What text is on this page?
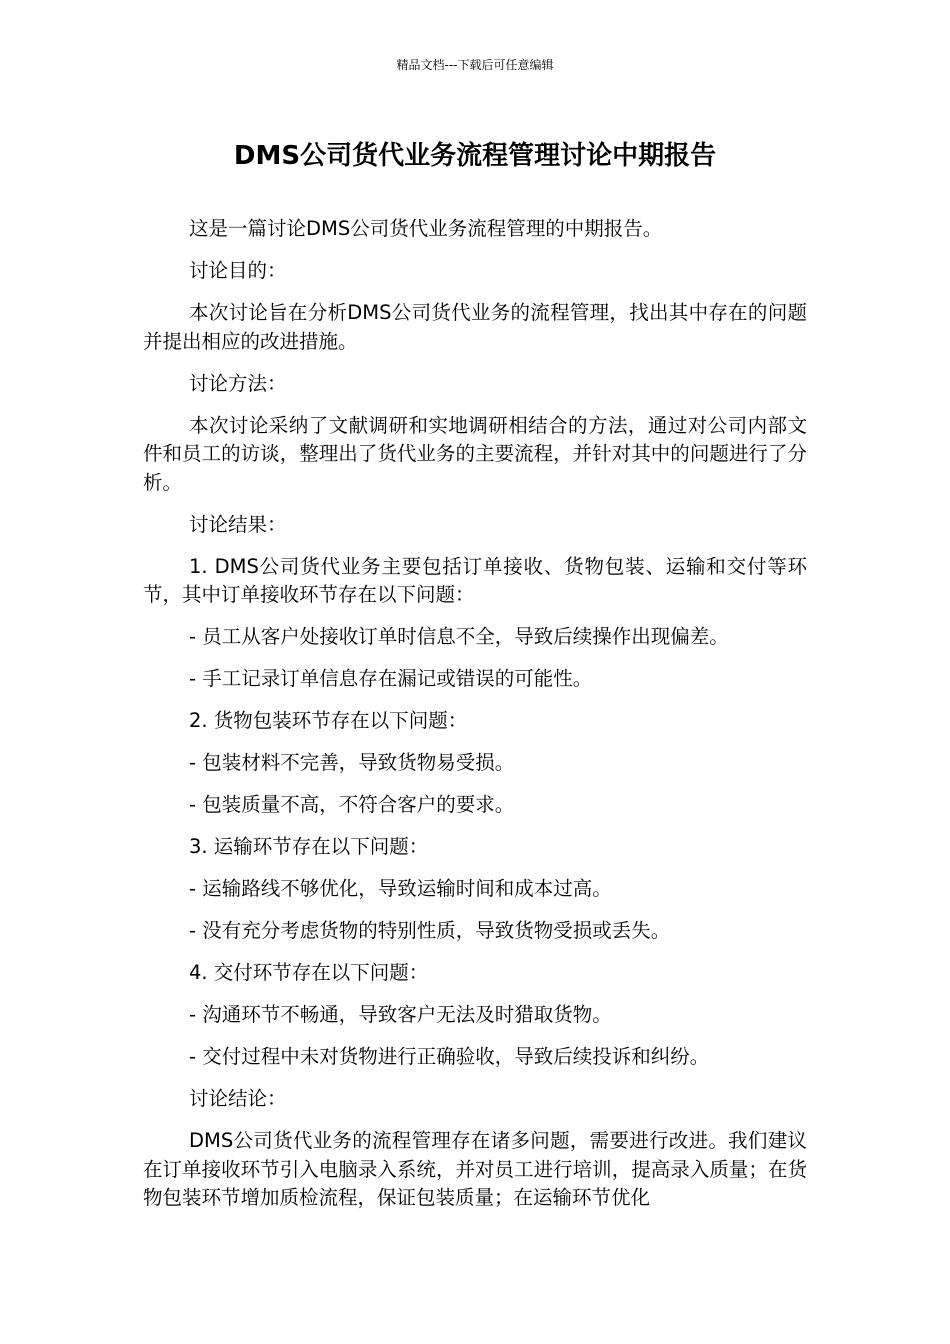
精品文档---下载后可任意编辑
DMS公司货代业务流程管理讨论中期报告

这是一篇讨论DMS公司货代业务流程管理的中期报告。

讨论目的：

本次讨论旨在分析DMS公司货代业务的流程管理，找出其中存在的问题并提出相应的改进措施。

讨论方法：

本次讨论采纳了文献调研和实地调研相结合的方法，通过对公司内部文件和员工的访谈，整理出了货代业务的主要流程，并针对其中的问题进行了分析。

讨论结果：

1. DMS公司货代业务主要包括订单接收、货物包装、运输和交付等环节，其中订单接收环节存在以下问题：

- 员工从客户处接收订单时信息不全，导致后续操作出现偏差。

- 手工记录订单信息存在漏记或错误的可能性。

2. 货物包装环节存在以下问题：

- 包装材料不完善，导致货物易受损。

- 包装质量不高，不符合客户的要求。

3. 运输环节存在以下问题：

- 运输路线不够优化，导致运输时间和成本过高。

- 没有充分考虑货物的特别性质，导致货物受损或丢失。

4. 交付环节存在以下问题：

- 沟通环节不畅通，导致客户无法及时猎取货物。

- 交付过程中未对货物进行正确验收，导致后续投诉和纠纷。

讨论结论：

DMS公司货代业务的流程管理存在诸多问题，需要进行改进。我们建议在订单接收环节引入电脑录入系统，并对员工进行培训，提高录入质量；在货物包装环节增加质检流程，保证包装质量；在运输环节优化
